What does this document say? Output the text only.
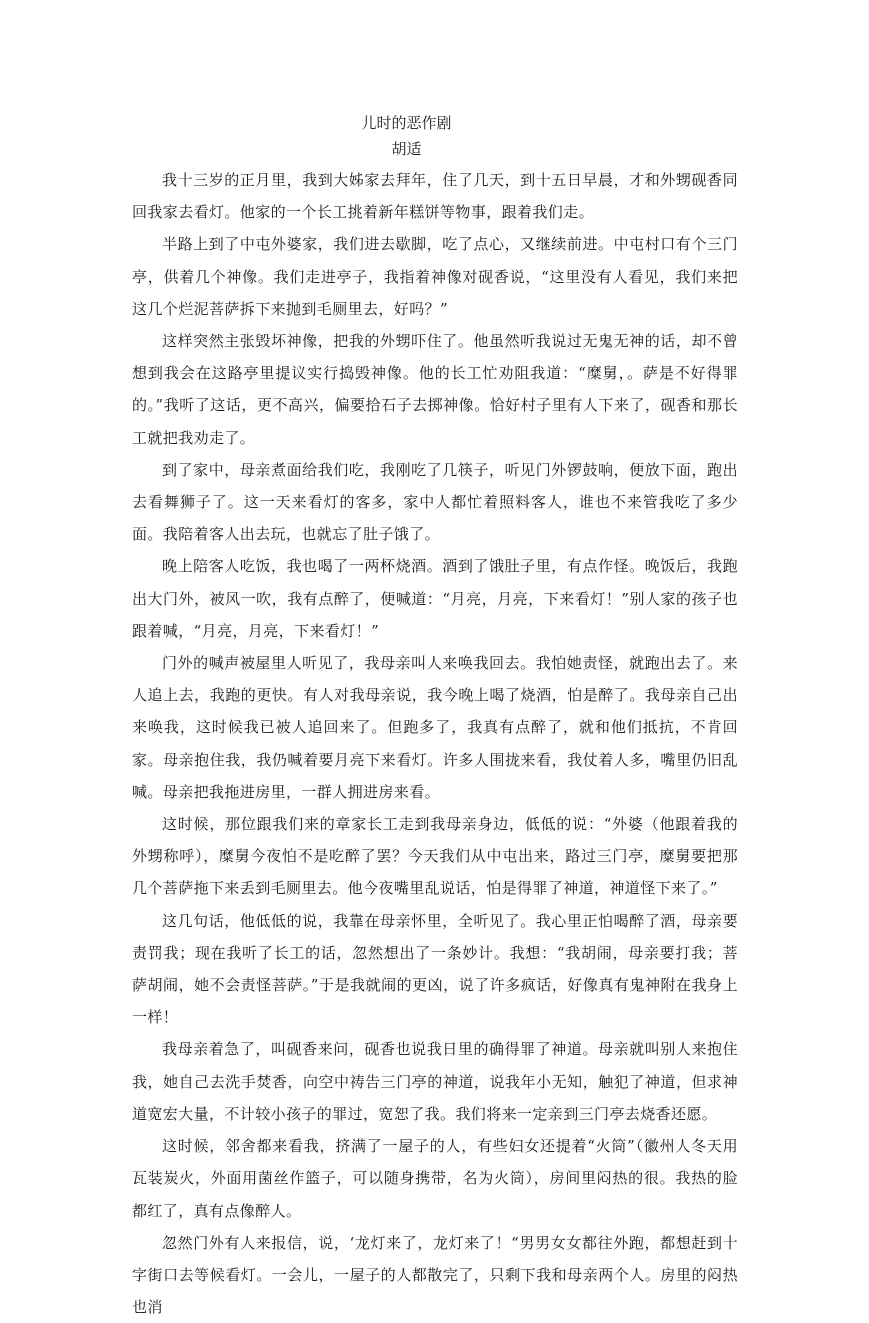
儿时的恶作剧
胡适

我十三岁的正月里，我到大姊家去拜年，住了几天，到十五日早晨，才和外甥砚香同回我家去看灯。他家的一个长工挑着新年糕饼等物事，跟着我们走。

半路上到了中屯外婆家，我们进去歇脚，吃了点心，又继续前进。中屯村口有个三门亭，供着几个神像。我们走进亭子，我指着神像对砚香说，“这里没有人看见，我们来把这几个烂泥菩萨拆下来抛到毛厕里去，好吗？”

这样突然主张毁坏神像，把我的外甥吓住了。他虽然听我说过无鬼无神的话，却不曾想到我会在这路亭里提议实行捣毁神像。他的长工忙劝阻我道：“糜舅，。萨是不好得罪的。”我听了这话，更不高兴，偏要拾石子去掷神像。恰好村子里有人下来了，砚香和那长工就把我劝走了。

到了家中，母亲煮面给我们吃，我刚吃了几筷子，听见门外锣鼓响，便放下面，跑出去看舞狮子了。这一天来看灯的客多，家中人都忙着照料客人，谁也不来管我吃了多少面。我陪着客人出去玩，也就忘了肚子饿了。

晚上陪客人吃饭，我也喝了一两杯烧酒。酒到了饿肚子里，有点作怪。晚饭后，我跑出大门外，被风一吹，我有点醉了，便喊道：“月亮，月亮，下来看灯！”别人家的孩子也跟着喊，“月亮，月亮，下来看灯！”

门外的喊声被屋里人听见了，我母亲叫人来唤我回去。我怕她责怪，就跑出去了。来人追上去，我跑的更快。有人对我母亲说，我今晚上喝了烧酒，怕是醉了。我母亲自己出来唤我，这时候我已被人追回来了。但跑多了，我真有点醉了，就和他们抵抗，不肯回家。母亲抱住我，我仍喊着要月亮下来看灯。许多人围拢来看，我仗着人多，嘴里仍旧乱喊。母亲把我拖进房里，一群人拥进房来看。

这时候，那位跟我们来的章家长工走到我母亲身边，低低的说：“外婆（他跟着我的外甥称呼），糜舅今夜怕不是吃醉了罢？今天我们从中屯出来，路过三门亭，糜舅要把那几个菩萨拖下来丢到毛厕里去。他今夜嘴里乱说话，怕是得罪了神道，神道怪下来了。”

这几句话，他低低的说，我靠在母亲怀里，全听见了。我心里正怕喝醉了酒，母亲要责罚我；现在我听了长工的话，忽然想出了一条妙计。我想：“我胡闹，母亲要打我；菩萨胡闹，她不会责怪菩萨。”于是我就闹的更凶，说了许多疯话，好像真有鬼神附在我身上一样！

我母亲着急了，叫砚香来问，砚香也说我日里的确得罪了神道。母亲就叫别人来抱住我，她自己去洗手焚香，向空中祷告三门亭的神道，说我年小无知，触犯了神道，但求神道宽宏大量，不计较小孩子的罪过，宽恕了我。我们将来一定亲到三门亭去烧香还愿。

这时候，邻舍都来看我，挤满了一屋子的人，有些妇女还提着“火筒”（徽州人冬天用瓦装炭火，外面用菌丝作篮子，可以随身携带，名为火筒），房间里闷热的很。我热的脸都红了，真有点像醉人。

忽然门外有人来报信，说，‘龙灯来了，龙灯来了！“男男女女都往外跑，都想赶到十字街口去等候看灯。一会儿，一屋子的人都散完了，只剩下我和母亲两个人。房里的闷热也消
